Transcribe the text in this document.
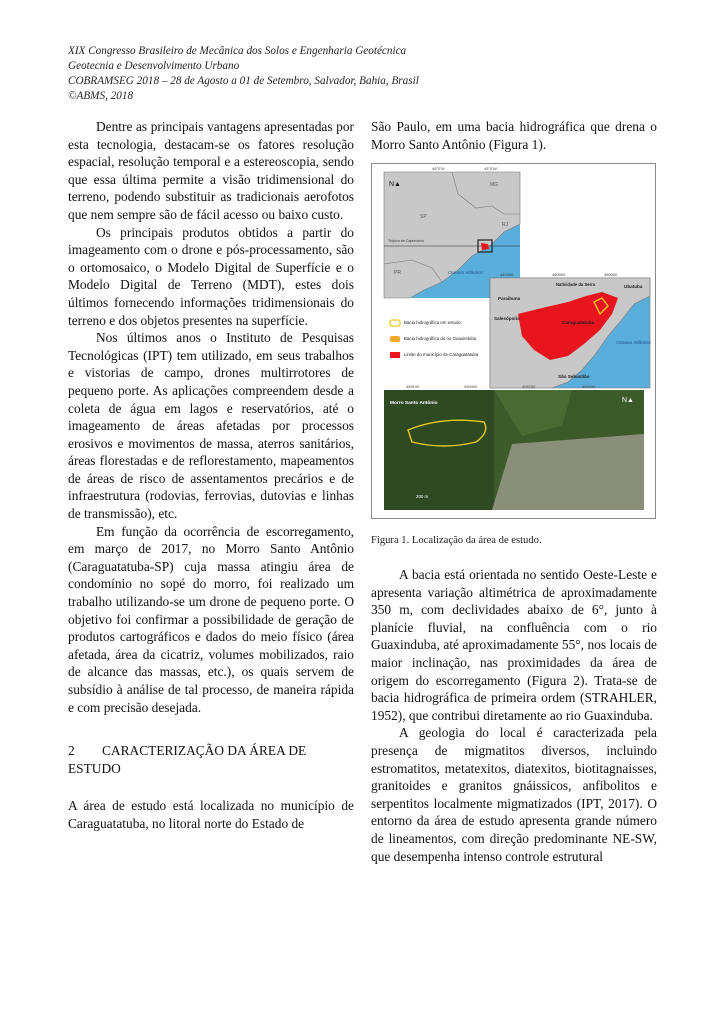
XIX Congresso Brasileiro de Mecânica dos Solos e Engenharia Geotécnica
Geotecnia e Desenvolvimento Urbano
COBRAMSEG 2018 – 28 de Agosto a 01 de Setembro, Salvador, Bahia, Brasil
©ABMS, 2018

Dentre as principais vantagens apresentadas por esta tecnologia, destacam-se os fatores resolução espacial, resolução temporal e a estereoscopia, sendo que essa última permite a visão tridimensional do terreno, podendo substituir as tradicionais aerofotos que nem sempre são de fácil acesso ou baixo custo.

Os principais produtos obtidos a partir do imageamento com o drone e pós-processamento, são o ortomosaico, o Modelo Digital de Superfície e o Modelo Digital de Terreno (MDT), estes dois últimos fornecendo informações tridimensionais do terreno e dos objetos presentes na superfície.

Nos últimos anos o Instituto de Pesquisas Tecnológicas (IPT) tem utilizado, em seus trabalhos e vistorias de campo, drones multirrotores de pequeno porte. As aplicações compreendem desde a coleta de água em lagos e reservatórios, até o imageamento de áreas afetadas por processos erosivos e movimentos de massa, aterros sanitários, áreas florestadas e de reflorestamento, mapeamentos de áreas de risco de assentamentos precários e de infraestrutura (rodovias, ferrovias, dutovias e linhas de transmissão), etc.

Em função da ocorrência de escorregamento, em março de 2017, no Morro Santo Antônio (Caraguatatuba-SP) cuja massa atingiu área de condomínio no sopé do morro, foi realizado um trabalho utilizando-se um drone de pequeno porte. O objetivo foi confirmar a possibilidade de geração de produtos cartográficos e dados do meio físico (área afetada, área da cicatriz, volumes mobilizados, raio de alcance das massas, etc.), os quais servem de subsídio à análise de tal processo, de maneira rápida e com precisão desejada.

2 CARACTERIZAÇÃO DA ÁREA DE ESTUDO

A área de estudo está localizada no município de Caraguatatuba, no litoral norte do Estado de

São Paulo, em uma bacia hidrográfica que drena o Morro Santo Antônio (Figura 1).

48°0'W	45°0'W
MG
RJ
SP
PR
Trópico de Capricórnio
Oceano Atlântico
N▲
440000	460000	480000
Paraibuna
Natividade da Serra	Ubatuba
Salesópolis
Caraguatatuba
São Sebastião
Oceano Atlântico
Bacia hidrográfica em estudo
Bacia hidrográfica do rio Guaxinduba
Limite do município de Caraguatatuba
459100	459400	459700	460000
Morro Santo Antônio
200 m
N▲
Figura 1. Localização da área de estudo.

A bacia está orientada no sentido Oeste-Leste e apresenta variação altimétrica de aproximadamente 350 m, com declividades abaixo de 6°, junto à planície fluvial, na confluência com o rio Guaxinduba, até aproximadamente 55°, nos locais de maior inclinação, nas proximidades da área de origem do escorregamento (Figura 2). Trata-se de bacia hidrográfica de primeira ordem (STRAHLER, 1952), que contribui diretamente ao rio Guaxinduba.

A geologia do local é caracterizada pela presença de migmatitos diversos, incluindo estromatitos, metatexitos, diatexitos, biotitagnaisses, granitoides e granitos gnáissicos, anfibolitos e serpentitos localmente migmatizados (IPT, 2017). O entorno da área de estudo apresenta grande número de lineamentos, com direção predominante NE-SW, que desempenha intenso controle estrutural
